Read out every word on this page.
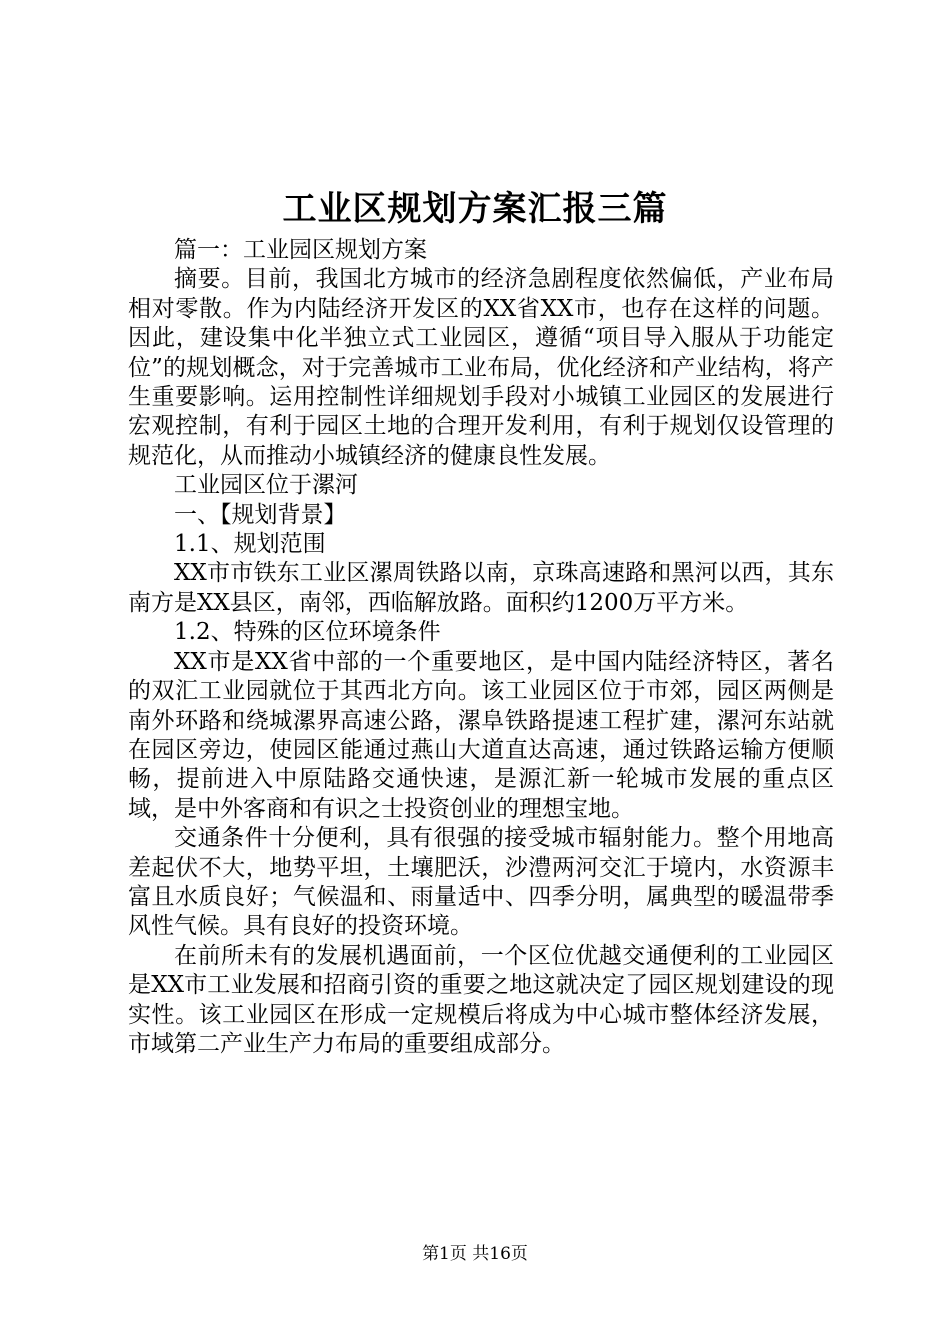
工业区规划方案汇报三篇

篇一：工业园区规划方案

摘要。目前，我国北方城市的经济急剧程度依然偏低，产业布局相对零散。作为内陆经济开发区的XX省XX市，也存在这样的问题。因此，建设集中化半独立式工业园区，遵循“项目导入服从于功能定位”的规划概念，对于完善城市工业布局，优化经济和产业结构，将产生重要影响。运用控制性详细规划手段对小城镇工业园区的发展进行宏观控制，有利于园区土地的合理开发利用，有利于规划仅设管理的规范化，从而推动小城镇经济的健康良性发展。

工业园区位于漯河

一、【规划背景】

1.1、规划范围

XX市市铁东工业区漯周铁路以南，京珠高速路和黑河以西，其东南方是XX县区，南邻，西临解放路。面积约1200万平方米。

1.2、特殊的区位环境条件

XX市是XX省中部的一个重要地区，是中国内陆经济特区，著名的双汇工业园就位于其西北方向。该工业园区位于市郊，园区两侧是南外环路和绕城漯界高速公路，漯阜铁路提速工程扩建，漯河东站就在园区旁边，使园区能通过燕山大道直达高速，通过铁路运输方便顺畅，提前进入中原陆路交通快速，是源汇新一轮城市发展的重点区域，是中外客商和有识之士投资创业的理想宝地。

交通条件十分便利，具有很强的接受城市辐射能力。整个用地高差起伏不大，地势平坦，土壤肥沃，沙澧两河交汇于境内，水资源丰富且水质良好；气候温和、雨量适中、四季分明，属典型的暖温带季风性气候。具有良好的投资环境。

在前所未有的发展机遇面前，一个区位优越交通便利的工业园区是XX市工业发展和招商引资的重要之地这就决定了园区规划建设的现实性。该工业园区在形成一定规模后将成为中心城市整体经济发展，市域第二产业生产力布局的重要组成部分。

第1页 共16页
